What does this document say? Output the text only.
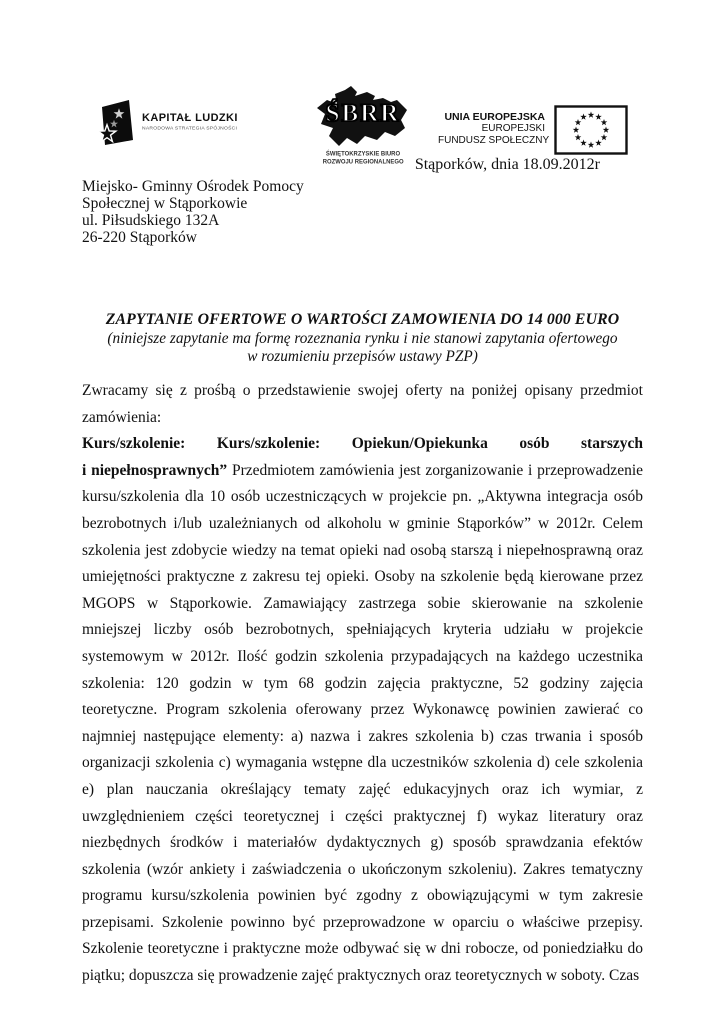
KAPITAŁ LUDZKI
NARODOWA STRATEGIA SPÓJNOŚCI
ŚBRR
ŚWIĘTOKRZYSKIE BIURO
ROZWOJU REGIONALNEGO
UNIA EUROPEJSKA
EUROPEJSKI
FUNDUSZ SPOŁECZNY
Stąporków, dnia 18.09.2012r
Miejsko- Gminny Ośrodek Pomocy
Społecznej w Stąporkowie
ul. Piłsudskiego 132A
26-220 Stąporków
ZAPYTANIE OFERTOWE O WARTOŚCI ZAMOWIENIA DO 14 000 EURO
(niniejsze zapytanie ma formę rozeznania rynku i nie stanowi zapytania ofertowego
w rozumieniu przepisów ustawy PZP)

Zwracamy się z prośbą o przedstawienie swojej oferty na poniżej opisany przedmiot zamówienia:

Kurs/szkolenie: Kurs/szkolenie: Opiekun/Opiekunka osób starszych

i niepełnosprawnych” Przedmiotem zamówienia jest zorganizowanie i przeprowadzenie kursu/szkolenia dla 10 osób uczestniczących w projekcie pn. „Aktywna integracja osób bezrobotnych i/lub uzależnianych od alkoholu w gminie Stąporków” w 2012r. Celem szkolenia jest zdobycie wiedzy na temat opieki nad osobą starszą i niepełnosprawną oraz umiejętności praktyczne z zakresu tej opieki. Osoby na szkolenie będą kierowane przez MGOPS w Stąporkowie. Zamawiający zastrzega sobie skierowanie na szkolenie mniejszej liczby osób bezrobotnych, spełniających kryteria udziału w projekcie systemowym w 2012r. Ilość godzin szkolenia przypadających na każdego uczestnika szkolenia: 120 godzin w tym 68 godzin zajęcia praktyczne, 52 godziny zajęcia teoretyczne. Program szkolenia oferowany przez Wykonawcę powinien zawierać co najmniej następujące elementy: a) nazwa i zakres szkolenia b) czas trwania i sposób organizacji szkolenia c) wymagania wstępne dla uczestników szkolenia d) cele szkolenia e) plan nauczania określający tematy zajęć edukacyjnych oraz ich wymiar, z uwzględnieniem części teoretycznej i części praktycznej f) wykaz literatury oraz niezbędnych środków i materiałów dydaktycznych g) sposób sprawdzania efektów szkolenia (wzór ankiety i zaświadczenia o ukończonym szkoleniu). Zakres tematyczny programu kursu/szkolenia powinien być zgodny z obowiązującymi w tym zakresie przepisami. Szkolenie powinno być przeprowadzone w oparciu o właściwe przepisy. Szkolenie teoretyczne i praktyczne może odbywać się w dni robocze, od poniedziałku do piątku; dopuszcza się prowadzenie zajęć praktycznych oraz teoretycznych w soboty. Czas
